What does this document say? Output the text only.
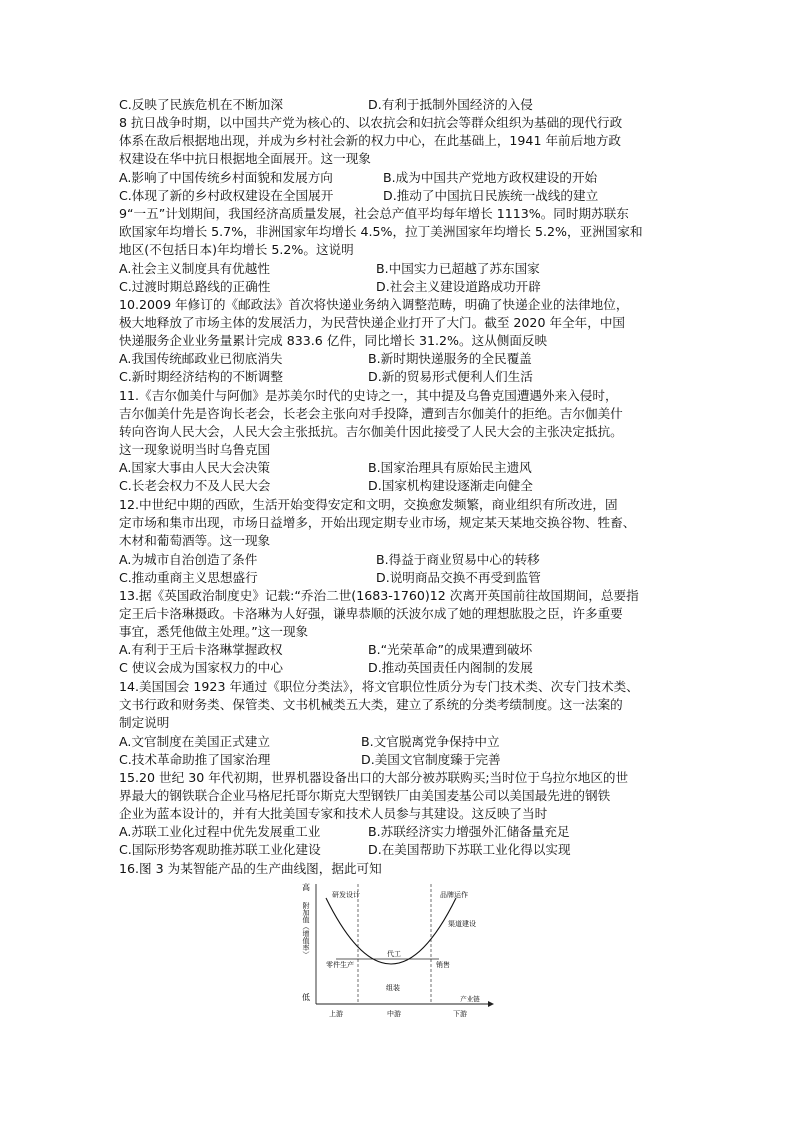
8 抗日战争时期，以中国共产党为核心的、以农抗会和妇抗会等群众组织为基础的现代行政
体系在敌后根据地出现，并成为乡村社会新的权力中心，在此基础上，1941 年前后地方政
权建设在华中抗日根据地全面展开。这一现象
9“一五”计划期间，我国经济高质量发展，社会总产值平均每年增长 1113%。同时期苏联东
欧国家年均增长 5.7%，非洲国家年均增长 4.5%，拉丁美洲国家年均增长 5.2%，亚洲国家和
地区(不包括日本)年均增长 5.2%。这说明
10.2009 年修订的《邮政法》首次将快递业务纳入调整范畴，明确了快递企业的法律地位，
极大地释放了市场主体的发展活力，为民营快递企业打开了大门。截至 2020 年全年，中国
快递服务企业业务量累计完成 833.6 亿件，同比增长 31.2%。这从侧面反映
11.《吉尔伽美什与阿伽》是苏美尔时代的史诗之一，其中提及乌鲁克国遭遇外来入侵时，
吉尔伽美什先是咨询长老会，长老会主张向对手投降，遭到吉尔伽美什的拒绝。吉尔伽美什
转向咨询人民大会，人民大会主张抵抗。吉尔伽美什因此接受了人民大会的主张决定抵抗。
这一现象说明当时乌鲁克国
12.中世纪中期的西欧，生活开始变得安定和文明，交换愈发频繁，商业组织有所改进，固
定市场和集市出现，市场日益增多，开始出现定期专业市场，规定某天某地交换谷物、牲畜、
木材和葡萄酒等。这一现象
13.据《英国政治制度史》记载:“乔治二世(1683-1760)12 次离开英国前往故国期间，总要指
定王后卡洛琳摄政。卡洛琳为人好强，谦卑恭顺的沃波尔成了她的理想肱股之臣，许多重要
事宜，悉凭他做主处理。”这一现象
14.美国国会 1923 年通过《职位分类法》，将文官职位性质分为专门技术类、次专门技术类、
文书行政和财务类、保管类、文书机械类五大类，建立了系统的分类考绩制度。这一法案的
制定说明
15.20 世纪 30 年代初期，世界机器设备出口的大部分被苏联购买;当时位于乌拉尔地区的世
界最大的钢铁联合企业马格尼托哥尔斯克大型钢铁厂由美国麦基公司以美国最先进的钢铁
企业为蓝本设计的，并有大批美国专家和技术人员参与其建设。这反映了当时
16.图 3 为某智能产品的生产曲线图，据此可知
C.反映了民族危机在不断加深	D.有利于抵制外国经济的入侵
A.影响了中国传统乡村面貌和发展方向	B.成为中国共产党地方政权建设的开始
C.体现了新的乡村政权建设在全国展开	D.推动了中国抗日民族统一战线的建立
A.社会主义制度具有优越性	B.中国实力已超越了苏东国家
C.过渡时期总路线的正确性	D.社会主义建设道路成功开辟
A.我国传统邮政业已彻底消失	B.新时期快递服务的全民覆盖
C.新时期经济结构的不断调整	D.新的贸易形式便利人们生活
A.国家大事由人民大会决策	B.国家治理具有原始民主遗风
C.长老会权力不及人民大会	D.国家机构建设逐渐走向健全
A.为城市自治创造了条件	B.得益于商业贸易中心的转移
C.推动重商主义思想盛行	D.说明商品交换不再受到监管
A.有利于王后卡洛琳掌握政权	B.“光荣革命”的成果遭到破坏
C 使议会成为国家权力的中心	D.推动英国责任内阁制的发展
A.文官制度在美国正式建立	B.文官脱离党争保持中立
C.技术革命助推了国家治理	D.美国文官制度臻于完善
A.苏联工业化过程中优先发展重工业	B.苏联经济实力增强外汇储备量充足
C.国际形势客观助推苏联工业化建设	D.在美国帮助下苏联工业化得以实现
高
低
附加值（增值率）
研发设计	品牌运作
渠道建设
零件生产
代工
组装
销售
产业链
上游	中游	下游
